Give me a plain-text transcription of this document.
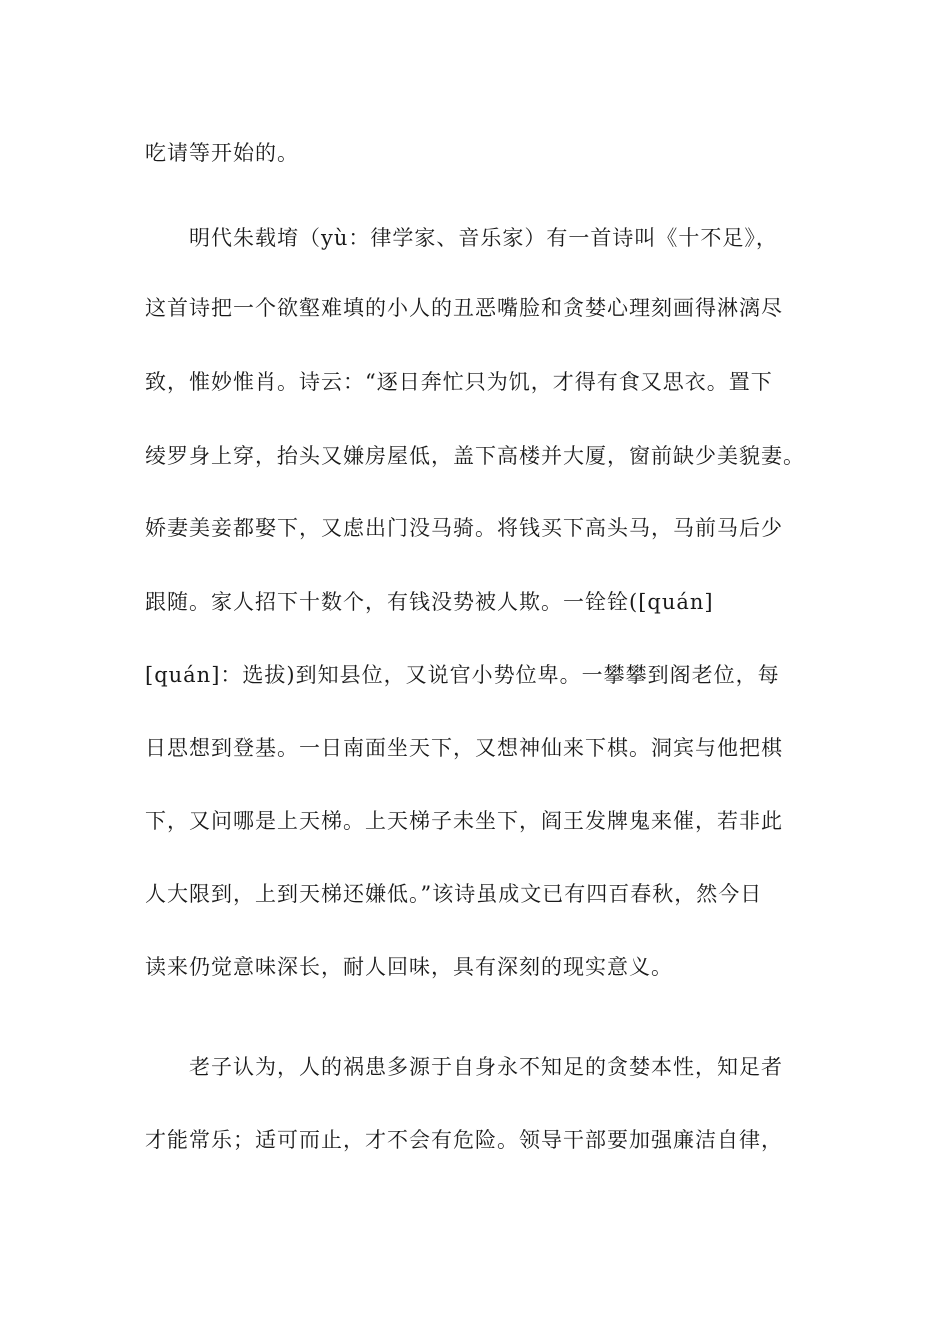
吃请等开始的。
明代朱载堉（yù：律学家、音乐家）有一首诗叫《十不足》，
这首诗把一个欲壑难填的小人的丑恶嘴脸和贪婪心理刻画得淋漓尽
致，惟妙惟肖。诗云：“逐日奔忙只为饥，才得有食又思衣。置下
绫罗身上穿，抬头又嫌房屋低，盖下高楼并大厦，窗前缺少美貌妻。
娇妻美妾都娶下，又虑出门没马骑。将钱买下高头马，马前马后少
跟随。家人招下十数个，有钱没势被人欺。一铨铨([quán]
[quán]：选拔)到知县位，又说官小势位卑。一攀攀到阁老位，每
日思想到登基。一日南面坐天下，又想神仙来下棋。洞宾与他把棋
下，又问哪是上天梯。上天梯子未坐下，阎王发牌鬼来催，若非此
人大限到，上到天梯还嫌低。”该诗虽成文已有四百春秋，然今日
读来仍觉意味深长，耐人回味，具有深刻的现实意义。
老子认为，人的祸患多源于自身永不知足的贪婪本性，知足者
才能常乐；适可而止，才不会有危险。领导干部要加强廉洁自律，
